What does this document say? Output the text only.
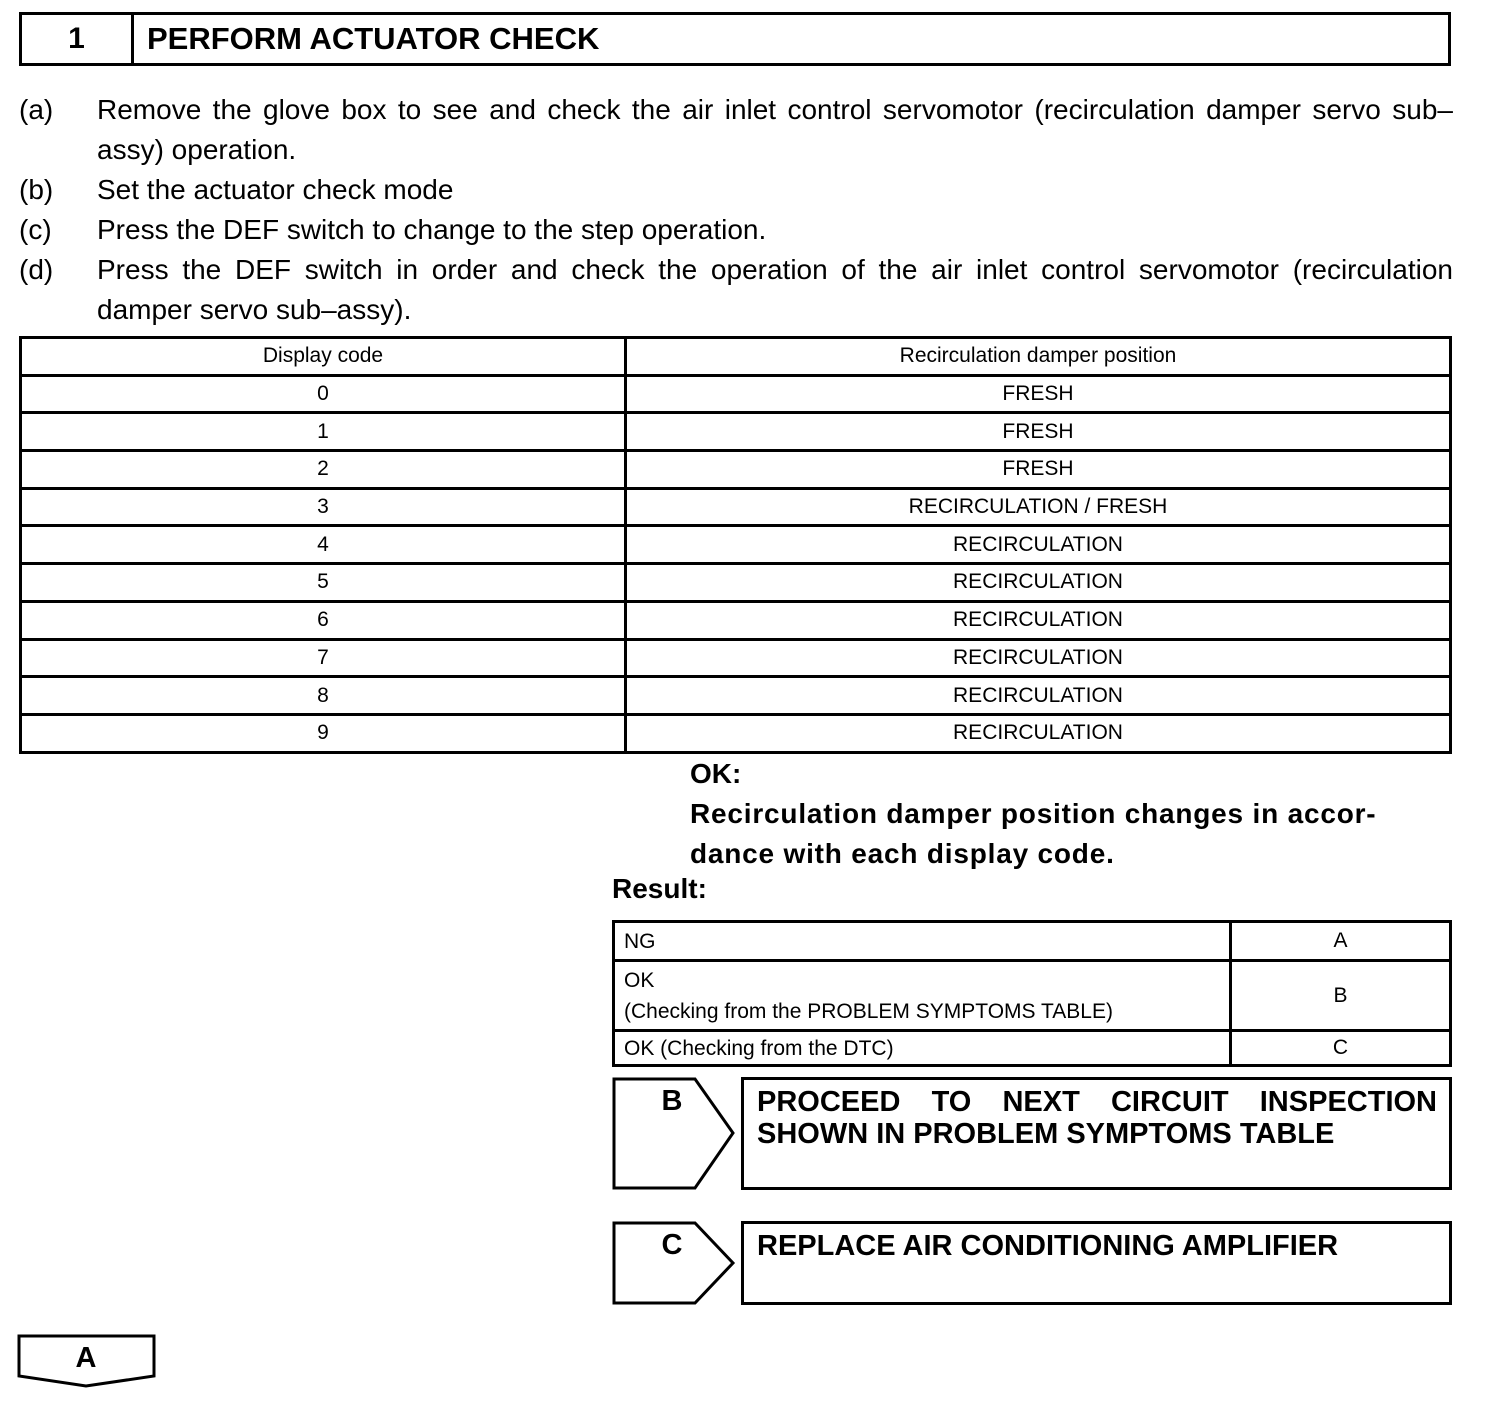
1	PERFORM ACTUATOR CHECK
(a) Remove the glove box to see and check the air inlet control servomotor (recirculation damper servo sub–assy) operation.
(b) Set the actuator check mode
(c) Press the DEF switch to change to the step operation.
(d) Press the DEF switch in order and check the operation of the air inlet control servomotor (recirculation damper servo sub–assy).
Display code	Recirculation damper position
0	FRESH
1	FRESH
2	FRESH
3	RECIRCULATION / FRESH
4	RECIRCULATION
5	RECIRCULATION
6	RECIRCULATION
7	RECIRCULATION
8	RECIRCULATION
9	RECIRCULATION
OK:
Recirculation damper position changes in accor-
dance with each display code.
Result:
NG	A

OK
(Checking from the PROBLEM SYMPTOMS TABLE)	B
OK (Checking from the DTC)	C
B	PROCEED TO NEXT CIRCUIT INSPECTION
SHOWN IN PROBLEM SYMPTOMS TABLE
C	REPLACE AIR CONDITIONING AMPLIFIER
A
